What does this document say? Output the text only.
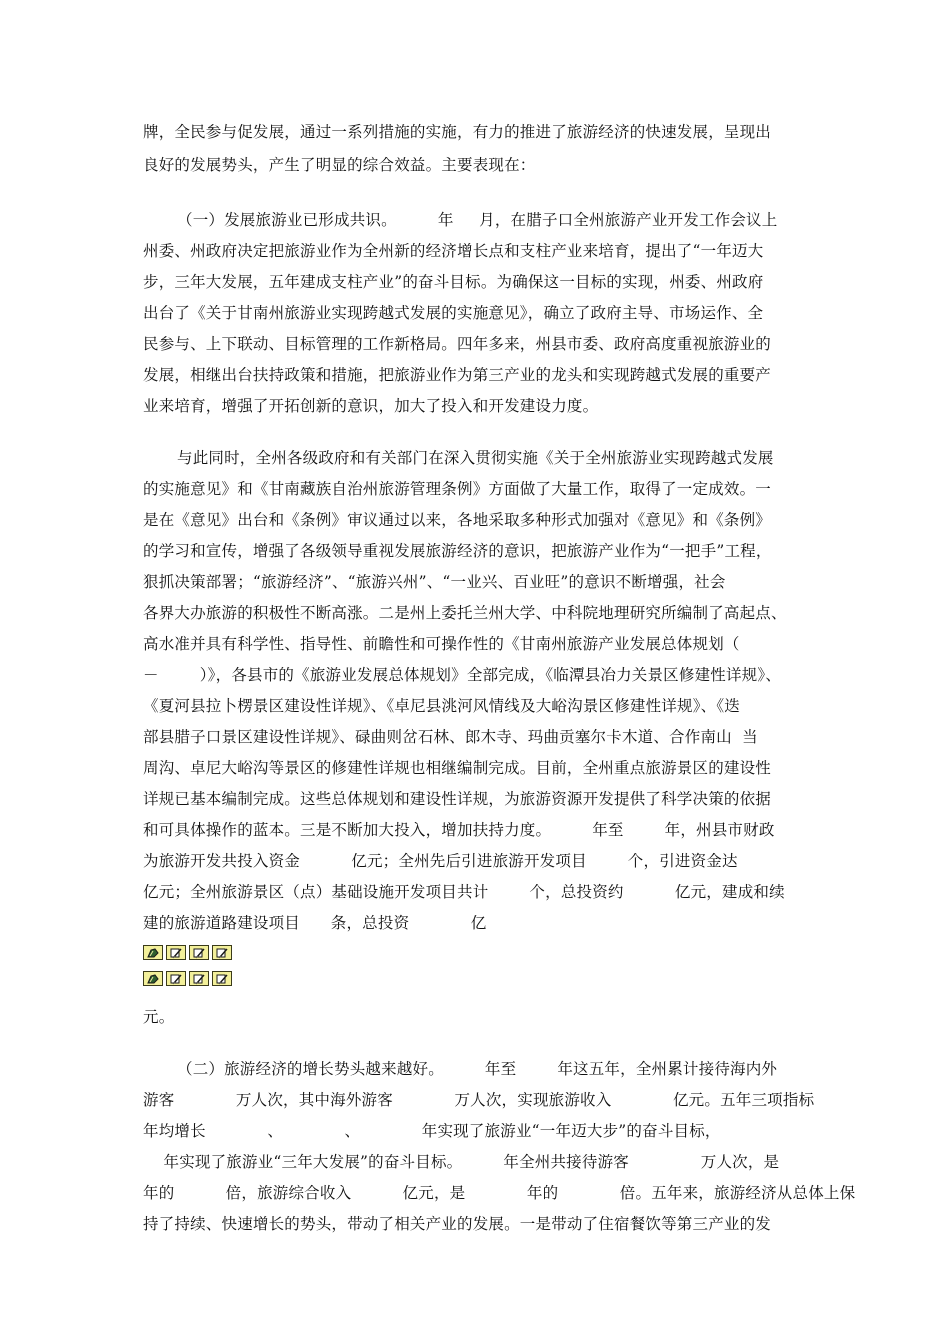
牌，全民参与促发展，通过一系列措施的实施，有力的推进了旅游经济的快速发展，呈现出
良好的发展势头，产生了明显的综合效益。主要表现在：
（一）发展旅游业已形成共识。        年     月，在腊子口全州旅游产业开发工作会议上
州委、州政府决定把旅游业作为全州新的经济增长点和支柱产业来培育，提出了“一年迈大
步，三年大发展，五年建成支柱产业”的奋斗目标。为确保这一目标的实现，州委、州政府
出台了《关于甘南州旅游业实现跨越式发展的实施意见》，确立了政府主导、市场运作、全
民参与、上下联动、目标管理的工作新格局。四年多来，州县市委、政府高度重视旅游业的
发展，相继出台扶持政策和措施，把旅游业作为第三产业的龙头和实现跨越式发展的重要产
业来培育，增强了开拓创新的意识，加大了投入和开发建设力度。
与此同时，全州各级政府和有关部门在深入贯彻实施《关于全州旅游业实现跨越式发展
的实施意见》和《甘南藏族自治州旅游管理条例》方面做了大量工作，取得了一定成效。一
是在《意见》出台和《条例》审议通过以来，各地采取多种形式加强对《意见》和《条例》
的学习和宣传，增强了各级领导重视发展旅游经济的意识，把旅游产业作为“一把手”工程，
狠抓决策部署；“旅游经济”、“旅游兴州”、“一业兴、百业旺”的意识不断增强，社会
各界大办旅游的积极性不断高涨。二是州上委托兰州大学、中科院地理研究所编制了高起点、
高水准并具有科学性、指导性、前瞻性和可操作性的《甘南州旅游产业发展总体规划（
－        ）》，各县市的《旅游业发展总体规划》全部完成，《临潭县冶力关景区修建性详规》、
《夏河县拉卜楞景区建设性详规》、《卓尼县洮河风情线及大峪沟景区修建性详规》、《迭
部县腊子口景区建设性详规》、碌曲则岔石林、郎木寺、玛曲贡塞尔卡木道、合作南山  当
周沟、卓尼大峪沟等景区的修建性详规也相继编制完成。目前，全州重点旅游景区的建设性
详规已基本编制完成。这些总体规划和建设性详规，为旅游资源开发提供了科学决策的依据
和可具体操作的蓝本。三是不断加大投入，增加扶持力度。        年至        年，州县市财政
为旅游开发共投入资金          亿元；全州先后引进旅游开发项目        个，引进资金达
亿元；全州旅游景区（点）基础设施开发项目共计        个，总投资约          亿元，建成和续
建的旅游道路建设项目      条，总投资            亿
元。
（二）旅游经济的增长势头越来越好。        年至        年这五年，全州累计接待海内外
游客            万人次，其中海外游客            万人次，实现旅游收入            亿元。五年三项指标
年均增长            、            、            年实现了旅游业“一年迈大步”的奋斗目标，
年实现了旅游业“三年大发展”的奋斗目标。        年全州共接待游客              万人次，是
年的          倍，旅游综合收入          亿元，是            年的            倍。五年来，旅游经济从总体上保
持了持续、快速增长的势头，带动了相关产业的发展。一是带动了住宿餐饮等第三产业的发
